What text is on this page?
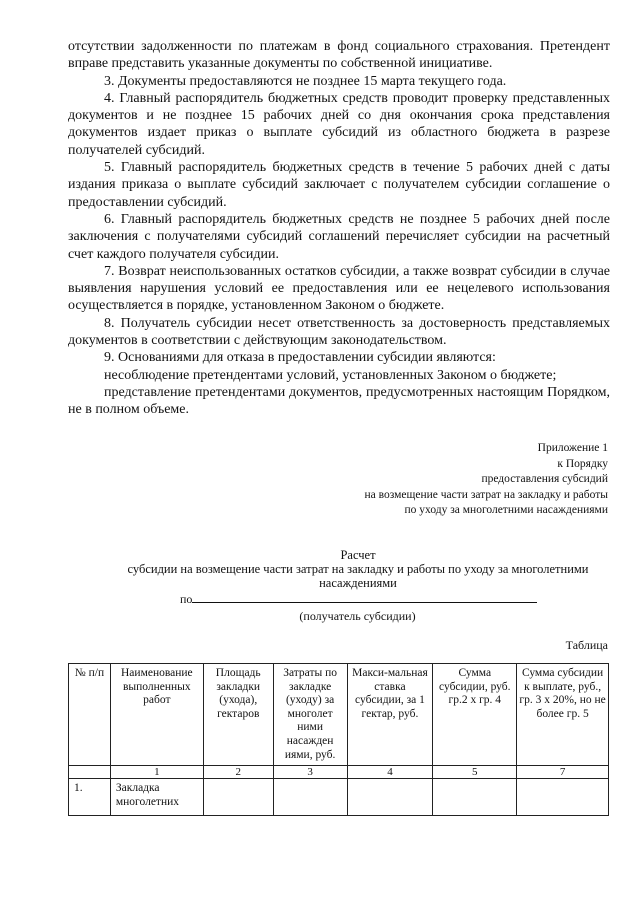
отсутствии задолженности по платежам в фонд социального страхования. Претендент вправе представить указанные документы по собственной инициативе.

3. Документы предоставляются не позднее 15 марта текущего года.

4. Главный распорядитель бюджетных средств проводит проверку представленных документов и не позднее 15 рабочих дней со дня окончания срока представления документов издает приказ о выплате субсидий из областного бюджета в разрезе получателей субсидий.

5. Главный распорядитель бюджетных средств в течение 5 рабочих дней с даты издания приказа о выплате субсидий заключает с получателем субсидии соглашение о предоставлении субсидий.

6. Главный распорядитель бюджетных средств не позднее 5 рабочих дней после заключения с получателями субсидий соглашений перечисляет субсидии на расчетный счет каждого получателя субсидии.

7. Возврат неиспользованных остатков субсидии, а также возврат субсидии в случае выявления нарушения условий ее предоставления или ее нецелевого использования осуществляется в порядке, установленном Законом о бюджете.

8. Получатель субсидии несет ответственность за достоверность представляемых документов в соответствии с действующим законодательством.

9. Основаниями для отказа в предоставлении субсидии являются:

несоблюдение претендентами условий, установленных Законом о бюджете;

представление претендентами документов, предусмотренных настоящим Порядком, не в полном объеме.

Приложение 1
к Порядку
предоставления субсидий
на возмещение части затрат на закладку и работы
по уходу за многолетними насаждениями
Расчет
субсидии на возмещение части затрат на закладку и работы по уходу за многолетними насаждениями
по
(получатель субсидии)
Таблица
№ п/п	Наименование выполненных работ	Площадь закладки (ухода), гектаров	Затраты по закладке (уходу) за многолет ними насажден иями, руб.	Макси-мальная ставка субсидии, за 1 гектар, руб.	Сумма субсидии, руб. гр.2 х гр. 4	Сумма субсидии к выплате, руб., гр. 3 х 20%, но не более гр. 5
	1	2	3	4	5	7
1.	Закладка многолетних					
